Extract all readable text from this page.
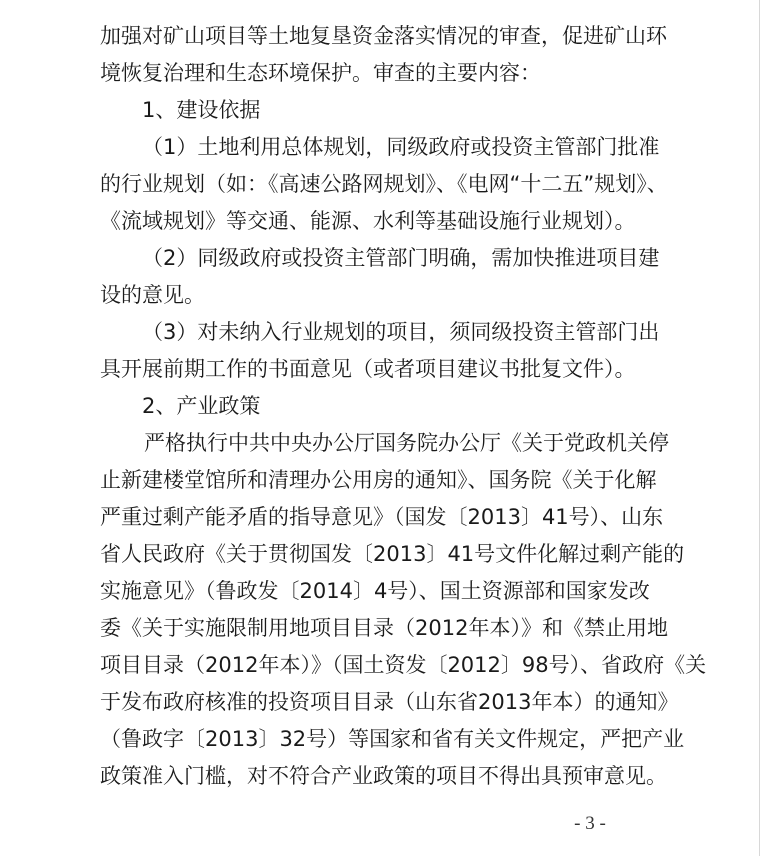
加强对矿山项目等土地复垦资金落实情况的审查，促进矿山环
境恢复治理和生态环境保护。审查的主要内容：
1、建设依据
（1）土地利用总体规划，同级政府或投资主管部门批准
的行业规划（如：《高速公路网规划》、《电网“十二五”规划》、
《流域规划》等交通、能源、水利等基础设施行业规划）。
（2）同级政府或投资主管部门明确，需加快推进项目建
设的意见。
（3）对未纳入行业规划的项目，须同级投资主管部门出
具开展前期工作的书面意见（或者项目建议书批复文件）。
2、产业政策
严格执行中共中央办公厅国务院办公厅《关于党政机关停
止新建楼堂馆所和清理办公用房的通知》、国务院《关于化解
严重过剩产能矛盾的指导意见》（国发〔2013〕41号）、山东
省人民政府《关于贯彻国发〔2013〕41号文件化解过剩产能的
实施意见》（鲁政发〔2014〕4号）、国土资源部和国家发改
委《关于实施限制用地项目目录（2012年本）》和《禁止用地
项目目录（2012年本）》（国土资发〔2012〕98号）、省政府《关
于发布政府核准的投资项目目录（山东省2013年本）的通知》
（鲁政字〔2013〕32号）等国家和省有关文件规定，严把产业
政策准入门槛，对不符合产业政策的项目不得出具预审意见。
- 3 -
